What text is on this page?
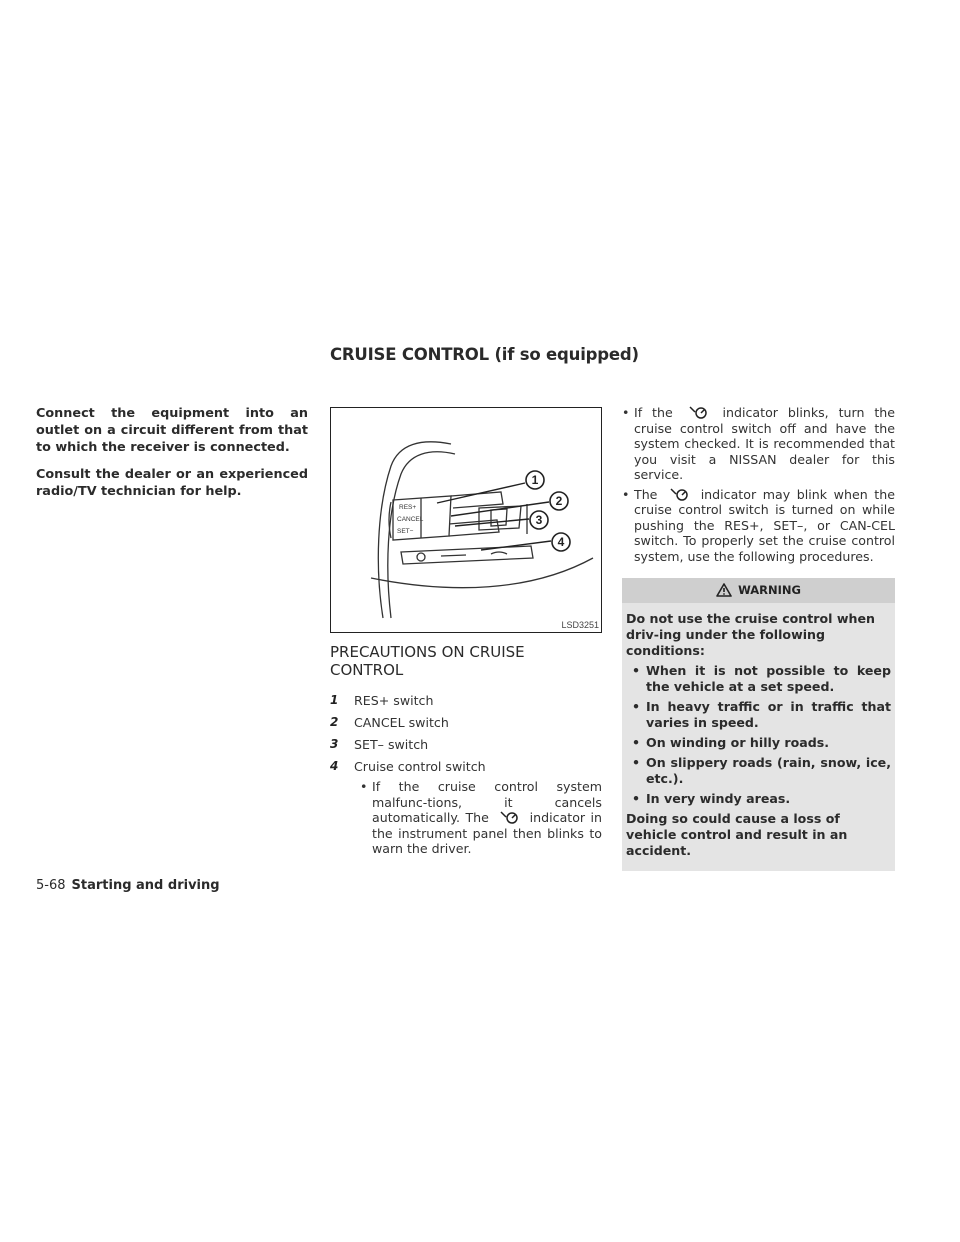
CRUISE CONTROL (if so equipped)

Connect the equipment into an outlet on a circuit different from that to which the receiver is connected.

Consult the dealer or an experienced radio/TV technician for help.

RES+
CANCEL
SET−
1
2
3
4
LSD3251
PRECAUTIONS ON CRUISE CONTROL
1	RES+ switch
2	CANCEL switch
3	SET– switch
4	Cruise control switch
• If the cruise control system malfunc-tions, it cancels automatically. The	indicator in the instrument panel then blinks to warn the driver.
• If the	indicator blinks, turn the cruise control switch off and have the system checked. It is recommended that you visit a NISSAN dealer for this service.
• The	indicator may blink when the cruise control switch is turned on while pushing the RES+, SET–, or CAN-CEL switch. To properly set the cruise control system, use the following procedures.
WARNING

Do not use the cruise control when driv-ing under the following conditions:

• When it is not possible to keep the vehicle at a set speed.
• In heavy traffic or in traffic that varies in speed.
• On winding or hilly roads.
• On slippery roads (rain, snow, ice, etc.).
• In very windy areas.

Doing so could cause a loss of vehicle control and result in an accident.

5-68 Starting and driving
